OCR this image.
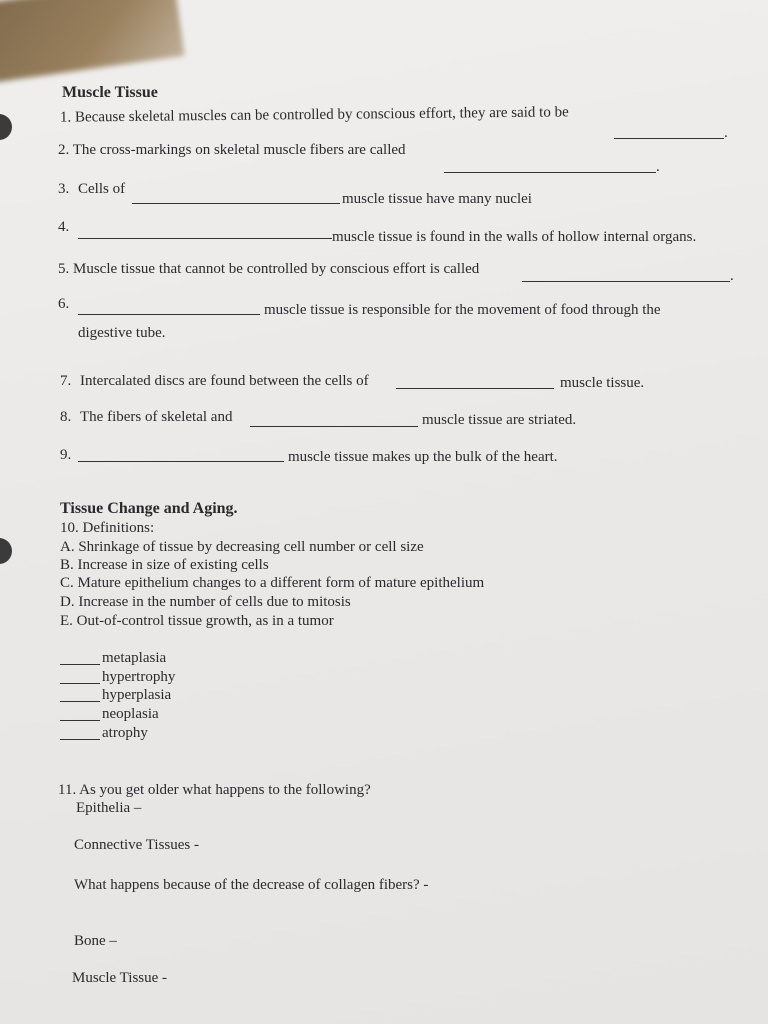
Muscle Tissue
1. Because skeletal muscles can be controlled by conscious effort, they are said to be
.
2. The cross-markings on skeletal muscle fibers are called
.
3. Cells of
muscle tissue have many nuclei
4.
muscle tissue is found in the walls of hollow internal organs.
5. Muscle tissue that cannot be controlled by conscious effort is called	.
6.	muscle tissue is responsible for the movement of food through the
digestive tube.
7. Intercalated discs are found between the cells of	muscle tissue.
8. The fibers of skeletal and	muscle tissue are striated.
9.	muscle tissue makes up the bulk of the heart.
Tissue Change and Aging.
10. Definitions:
A. Shrinkage of tissue by decreasing cell number or cell size
B. Increase in size of existing cells
C. Mature epithelium changes to a different form of mature epithelium
D. Increase in the number of cells due to mitosis
E. Out-of-control tissue growth, as in a tumor
metaplasia
hypertrophy
hyperplasia
neoplasia
atrophy
11. As you get older what happens to the following?
Epithelia –
Connective Tissues -
What happens because of the decrease of collagen fibers? -
Bone –
Muscle Tissue -
